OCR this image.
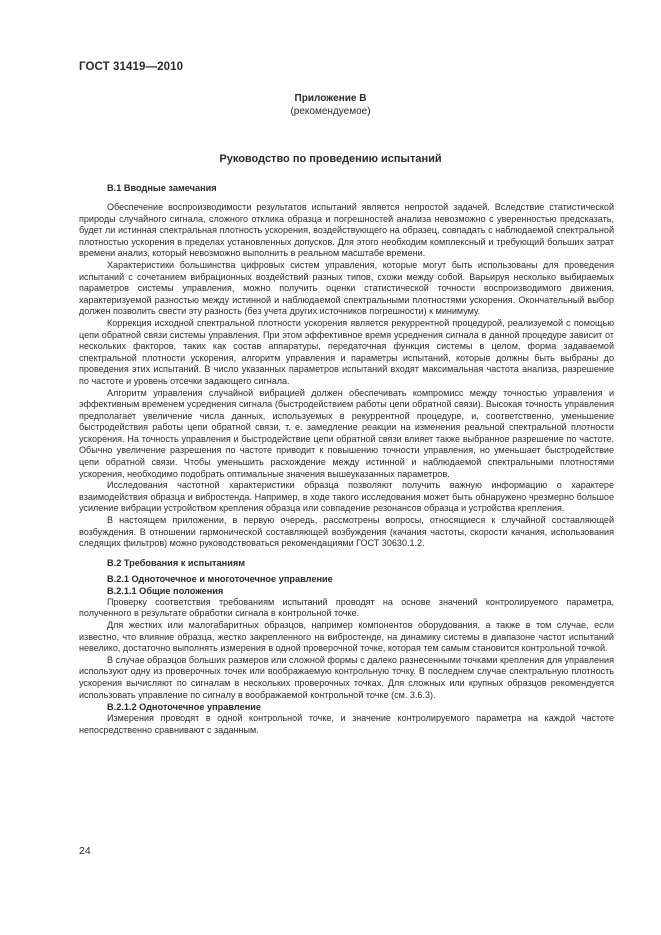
ГОСТ 31419—2010
Приложение В
(рекомендуемое)
Руководство по проведению испытаний
В.1 Вводные замечания

Обеспечение воспроизводимости результатов испытаний является непростой задачей. Вследствие статистической природы случайного сигнала, сложного отклика образца и погрешностей анализа невозможно с уверенностью предсказать, будет ли истинная спектральная плотность ускорения, воздействующего на образец, совпадать с наблюдаемой спектральной плотностью ускорения в пределах установленных допусков. Для этого необходим комплексный и требующий больших затрат времени анализ, который невозможно выполнить в реальном масштабе времени.

Характеристики большинства цифровых систем управления, которые могут быть использованы для проведения испытаний с сочетанием вибрационных воздействий разных типов, схожи между собой. Варьируя несколько выбираемых параметров системы управления, можно получить оценки статистической точности воспроизводимого движения, характеризуемой разностью между истинной и наблюдаемой спектральными плотностями ускорения. Окончательный выбор должен позволить свести эту разность (без учета других источников погрешности) к минимуму.

Коррекция исходной спектральной плотности ускорения является рекуррентной процедурой, реализуемой с помощью цепи обратной связи системы управления. При этом эффективное время усреднения сигнала в данной процедуре зависит от нескольких факторов, таких как состав аппаратуры, передаточная функция системы в целом, форма задаваемой спектральной плотности ускорения, алгоритм управления и параметры испытаний, которые должны быть выбраны до проведения этих испытаний. В число указанных параметров испытаний входят максимальная частота анализа, разрешение по частоте и уровень отсечки задающего сигнала.

Алгоритм управления случайной вибрацией должен обеспечивать компромисс между точностью управления и эффективным временем усреднения сигнала (быстродействием работы цепи обратной связи). Высокая точность управления предполагает увеличение числа данных, используемых в рекуррентной процедуре, и, соответственно, уменьшение быстродействия работы цепи обратной связи, т. е. замедление реакции на изменения реальной спектральной плотности ускорения. На точность управления и быстродействие цепи обратной связи влияет также выбранное разрешение по частоте. Обычно увеличение разрешения по частоте приводит к повышению точности управления, но уменьшает быстродействие цепи обратной связи. Чтобы уменьшить расхождение между истинной и наблюдаемой спектральными плотностями ускорения, необходимо подобрать оптимальные значения вышеуказанных параметров.

Исследования частотной характеристики образца позволяют получить важную информацию о характере взаимодействия образца и вибростенда. Например, в ходе такого исследования может быть обнаружено чрезмерно большое усиление вибрации устройством крепления образца или совпадение резонансов образца и устройства крепления.

В настоящем приложении, в первую очередь, рассмотрены вопросы, относящиеся к случайной составляющей возбуждения. В отношении гармонической составляющей возбуждения (качания частоты, скорости качания, использования следящих фильтров) можно руководствоваться рекомендациями ГОСТ 30630.1.2.

В.2 Требования к испытаниям
В.2.1 Одноточечное и многоточечное управление
В.2.1.1 Общие положения

Проверку соответствия требованиям испытаний проводят на основе значений контролируемого параметра, полученного в результате обработки сигнала в контрольной точке.

Для жестких или малогабаритных образцов, например компонентов оборудования, а также в том случае, если известно, что влияние образца, жестко закрепленного на вибростенде, на динамику системы в диапазоне частот испытаний невелико, достаточно выполнять измерения в одной проверочной точке, которая тем самым становится контрольной точкой.

В случае образцов больших размеров или сложной формы с далеко разнесенными точками крепления для управления используют одну из проверочных точек или воображаемую контрольную точку. В последнем случае спектральную плотность ускорения вычисляют по сигналам в нескольких проверочных точках. Для сложных или крупных образцов рекомендуется использовать управление по сигналу в воображаемой контрольной точке (см. 3.6.3).

В.2.1.2 Одноточечное управление

Измерения проводят в одной контрольной точке, и значение контролируемого параметра на каждой частоте непосредственно сравнивают с заданным.

24
